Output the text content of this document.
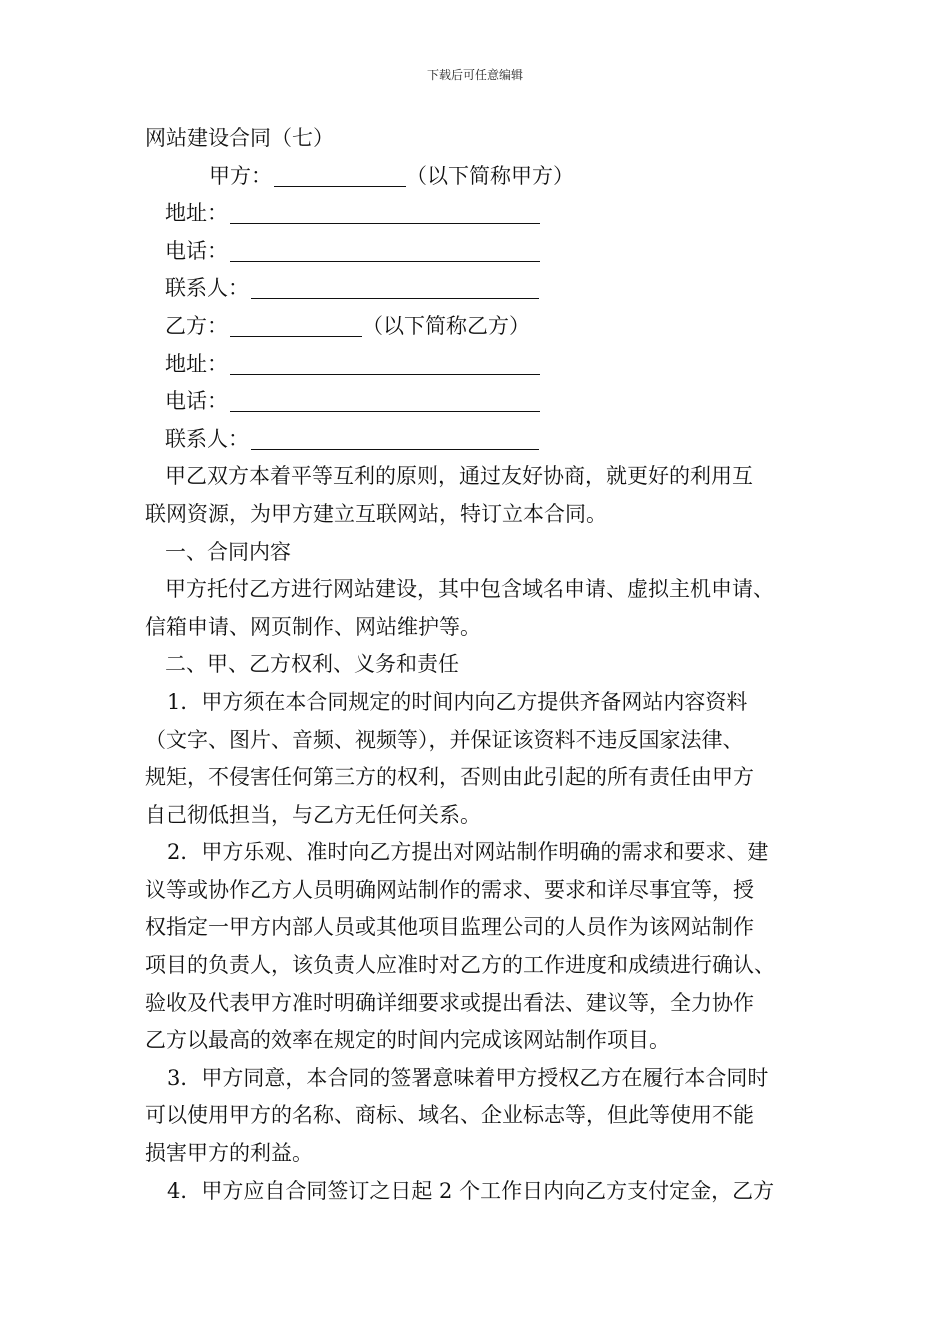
下载后可任意编辑
网站建设合同（七）
甲方：	（以下简称甲方）
地址：
电话：
联系人：
乙方：	（以下简称乙方）
地址：
电话：
联系人：
甲乙双方本着平等互利的原则，通过友好协商，就更好的利用互
联网资源，为甲方建立互联网站，特订立本合同。
一、合同内容
甲方托付乙方进行网站建设，其中包含域名申请、虚拟主机申请、
信箱申请、网页制作、网站维护等。
二、甲、乙方权利、义务和责任
1．甲方须在本合同规定的时间内向乙方提供齐备网站内容资料
（文字、图片、音频、视频等），并保证该资料不违反国家法律、
规矩，不侵害任何第三方的权利，否则由此引起的所有责任由甲方
自己彻低担当，与乙方无任何关系。
2．甲方乐观、准时向乙方提出对网站制作明确的需求和要求、建
议等或协作乙方人员明确网站制作的需求、要求和详尽事宜等，授
权指定一甲方内部人员或其他项目监理公司的人员作为该网站制作
项目的负责人，该负责人应准时对乙方的工作进度和成绩进行确认、
验收及代表甲方准时明确详细要求或提出看法、建议等，全力协作
乙方以最高的效率在规定的时间内完成该网站制作项目。
3．甲方同意，本合同的签署意味着甲方授权乙方在履行本合同时
可以使用甲方的名称、商标、域名、企业标志等，但此等使用不能
损害甲方的利益。
4．甲方应自合同签订之日起 2 个工作日内向乙方支付定金，乙方
